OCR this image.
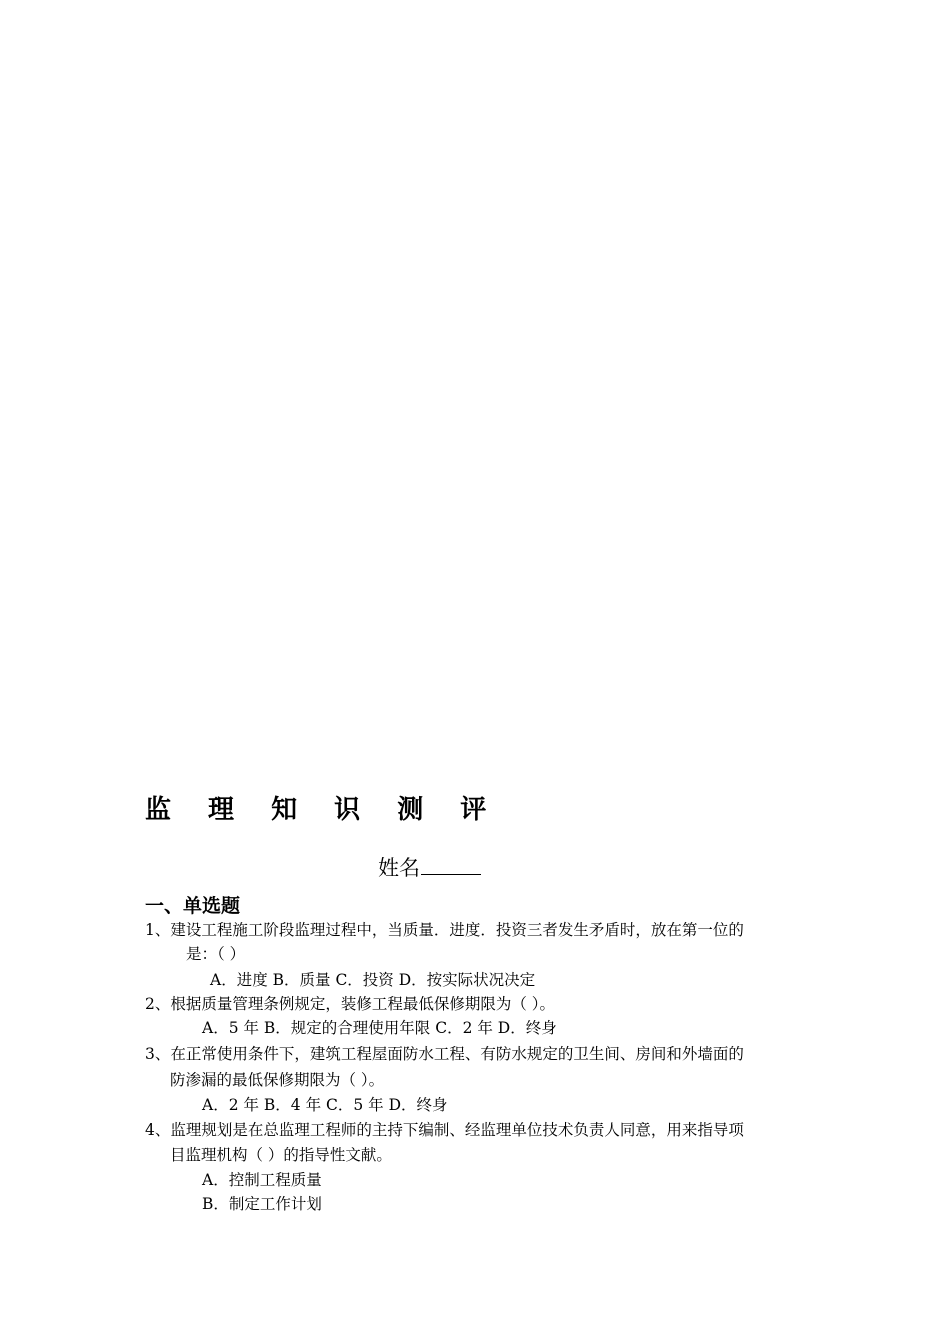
监 理 知 识 测 评
姓名
一、单选题
1、建设工程施工阶段监理过程中，当质量．进度．投资三者发生矛盾时，放在第一位的
是：（ ）
A．进度 B．质量 C．投资 D．按实际状况决定
2、根据质量管理条例规定，装修工程最低保修期限为（ ）。
A．5 年 B．规定的合理使用年限 C．2 年 D．终身
3、在正常使用条件下，建筑工程屋面防水工程、有防水规定的卫生间、房间和外墙面的
防渗漏的最低保修期限为（ ）。
A．2 年 B．4 年 C．5 年 D．终身
4、监理规划是在总监理工程师的主持下编制、经监理单位技术负责人同意，用来指导项
目监理机构（ ）的指导性文献。
A．控制工程质量
B．制定工作计划
